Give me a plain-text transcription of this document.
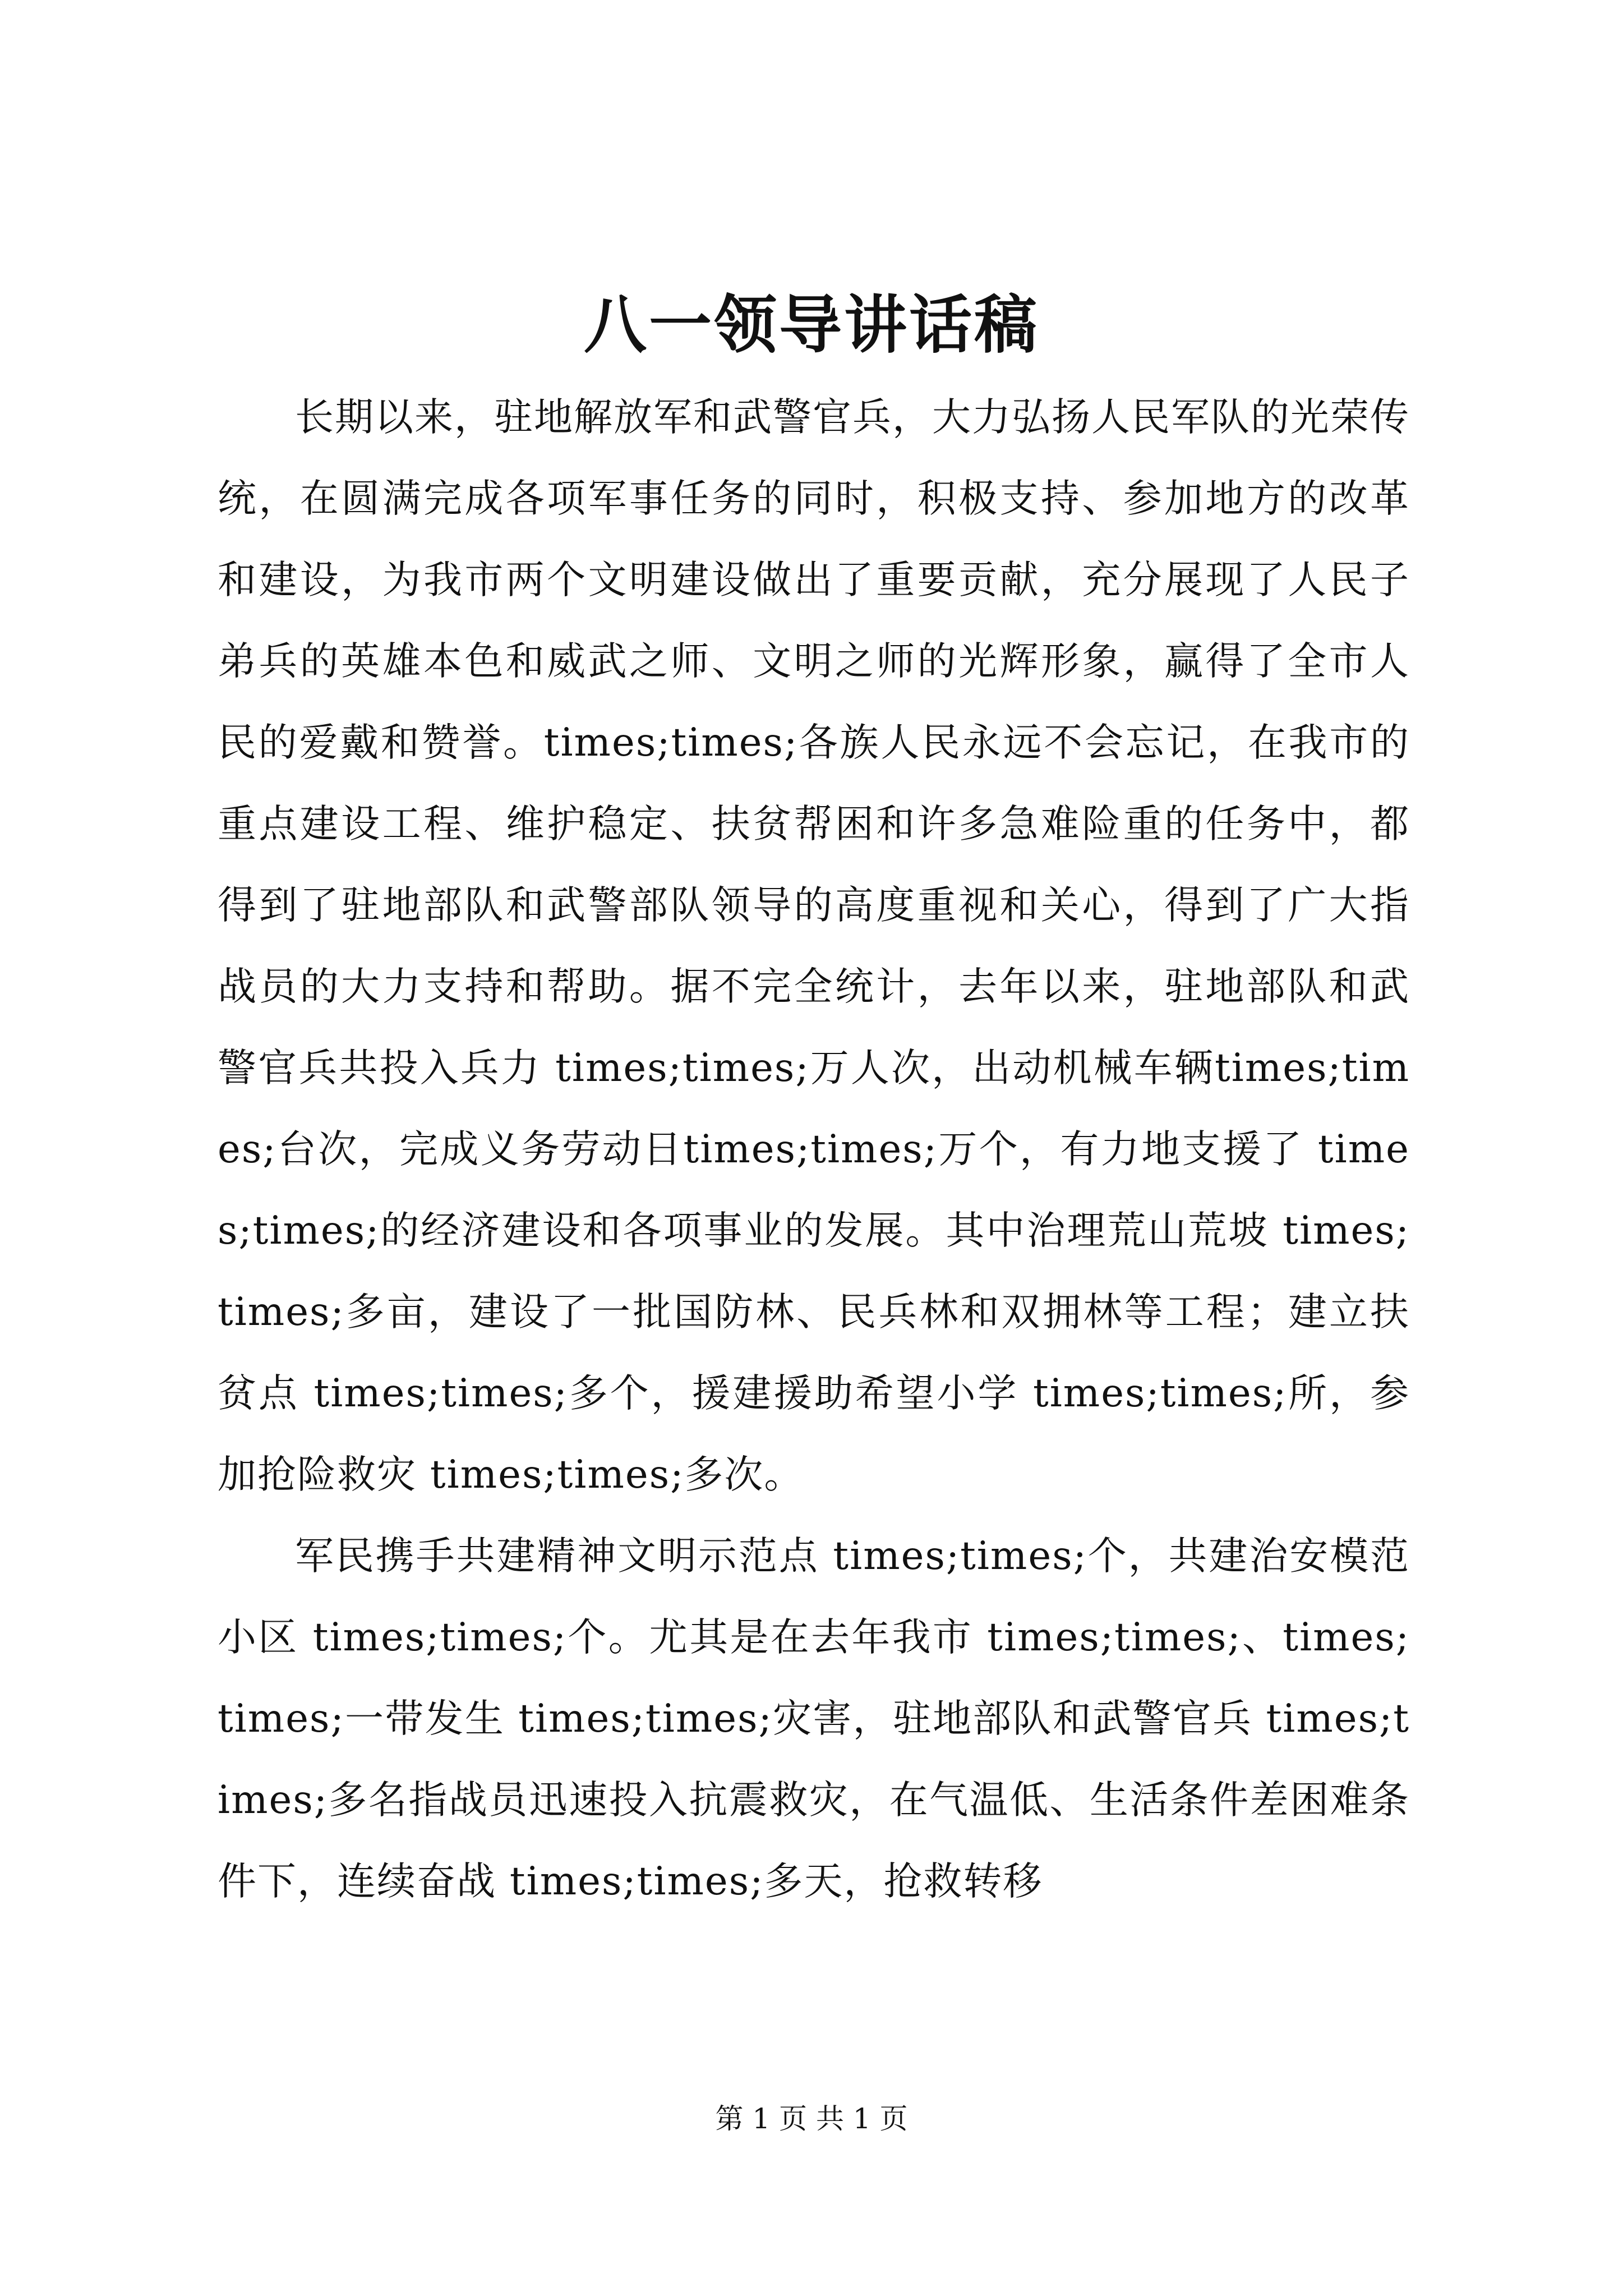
八一领导讲话稿

长期以来，驻地解放军和武警官兵，大力弘扬人民军队的光荣传统，在圆满完成各项军事任务的同时，积极支持、参加地方的改革和建设，为我市两个文明建设做出了重要贡献，充分展现了人民子弟兵的英雄本色和威武之师、文明之师的光辉形象，赢得了全市人民的爱戴和赞誉。times;times;各族人民永远不会忘记，在我市的重点建设工程、维护稳定、扶贫帮困和许多急难险重的任务中，都得到了驻地部队和武警部队领导的高度重视和关心，得到了广大指战员的大力支持和帮助。据不完全统计，去年以来，驻地部队和武警官兵共投入兵力 times;times;万人次，出动机械车辆times;times;台次，完成义务劳动日times;times;万个，有力地支援了 times;times;的经济建设和各项事业的发展。其中治理荒山荒坡 times;times;多亩，建设了一批国防林、民兵林和双拥林等工程；建立扶贫点 times;times;多个，援建援助希望小学 times;times;所，参加抢险救灾 times;times;多次。

军民携手共建精神文明示范点 times;times;个，共建治安模范小区 times;times;个。尤其是在去年我市 times;times;、times;times;一带发生 times;times;灾害，驻地部队和武警官兵 times;times;多名指战员迅速投入抗震救灾，在气温低、生活条件差困难条件下，连续奋战 times;times;多天，抢救转移

第 1 页 共 1 页
